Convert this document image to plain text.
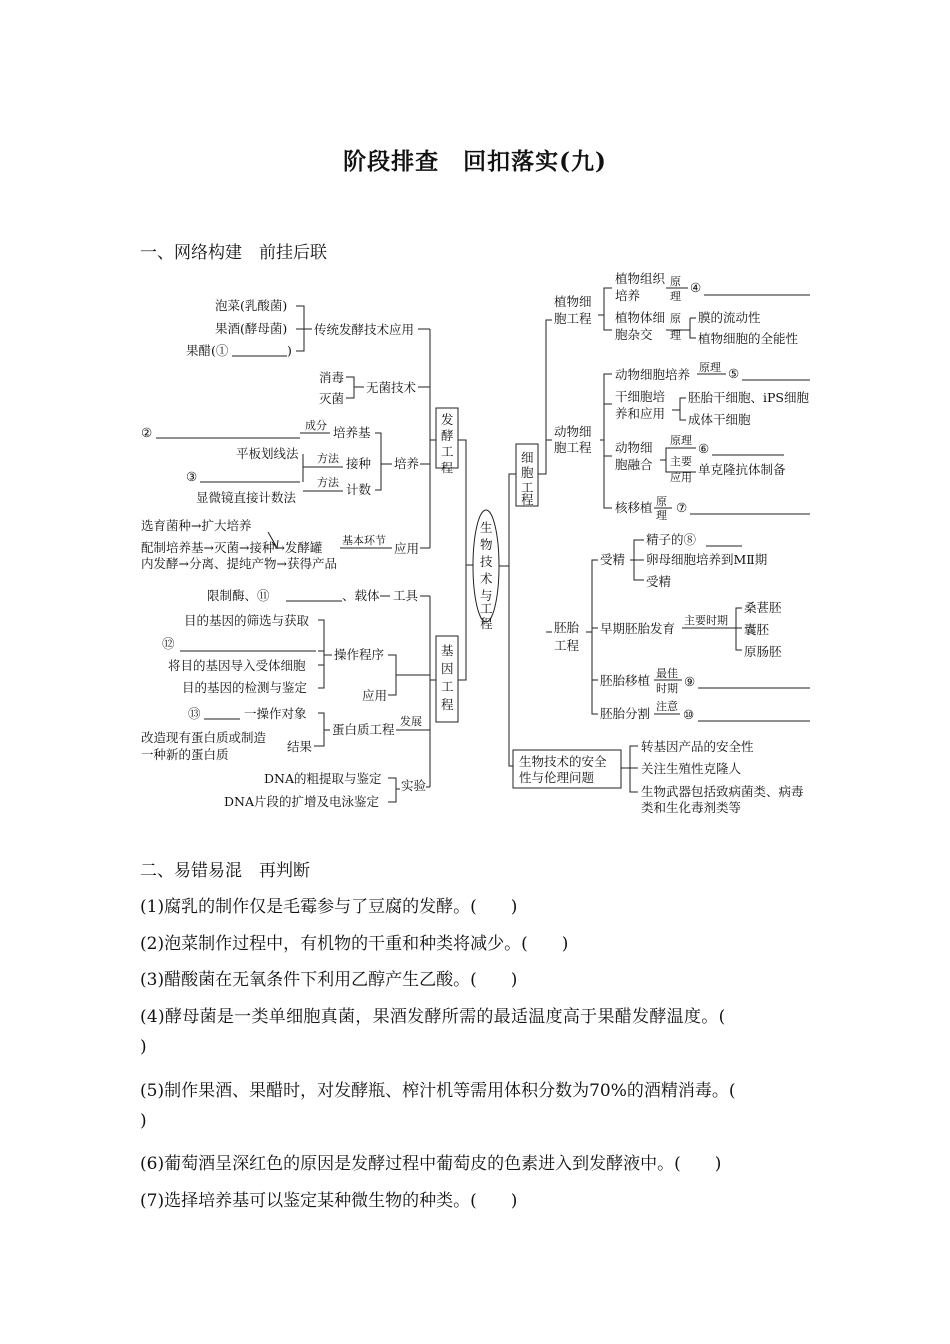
阶段排查　回扣落实(九)
一、网络构建　前挂后联
泡菜(乳酸菌)
果酒(酵母菌)
果醋(①	)
传统发酵技术应用
消毒
灭菌
无菌技术
②	成分 培养基
平板划线法
③
方法 接种
显微镜直接计数法
方法 计数
培养
选育菌种→扩大培养
配制培养基→灭菌→接种→发酵罐
内发酵→分离、提纯产物→获得产品
基本环节
应用
发
酵
工
程
限制酶、⑪	、载体 工具
目的基因的筛选与获取
⑫
将目的基因导入受体细胞
目的基因的检测与鉴定
操作程序
应用
⑬	一操作对象
改造现有蛋白质或制造
一种新的蛋白质
结果
蛋白质工程
发展
DNA的粗提取与鉴定
DNA片段的扩增及电泳鉴定
实验
基
因
工
程
生
物
技
术
与
工
程
细
胞
工
程
植物细
胞工程
植物组织
培养
原
理
④
植物体细
胞杂交
原
理
膜的流动性
植物细胞的全能性
动物细
胞工程
动物细胞培养 原理 ⑤
干细胞培
养和应用
胚胎干细胞、iPS细胞
成体干细胞
动物细
胞融合
原理
⑥
主要
应用
单克隆抗体制备
核移植 原
理
⑦
胚胎
工程
受精
精子的⑧
卵母细胞培养到MⅡ期
受精
早期胚胎发育
主要时期
桑葚胚
囊胚
原肠胚
胚胎移植 最佳
时期 ⑨
胚胎分割 注意
⑩
生物技术的安全
性与伦理问题
转基因产品的安全性
关注生殖性克隆人
生物武器包括致病菌类、病毒
类和生化毒剂类等
二、易错易混　再判断
(1)腐乳的制作仅是毛霉参与了豆腐的发酵。(　　)
(2)泡菜制作过程中，有机物的干重和种类将减少。(　　)
(3)醋酸菌在无氧条件下利用乙醇产生乙酸。(　　)
(4)酵母菌是一类单细胞真菌，果酒发酵所需的最适温度高于果醋发酵温度。(
)
(5)制作果酒、果醋时，对发酵瓶、榨汁机等需用体积分数为70%的酒精消毒。(
)
(6)葡萄酒呈深红色的原因是发酵过程中葡萄皮的色素进入到发酵液中。(　　)
(7)选择培养基可以鉴定某种微生物的种类。(　　)
